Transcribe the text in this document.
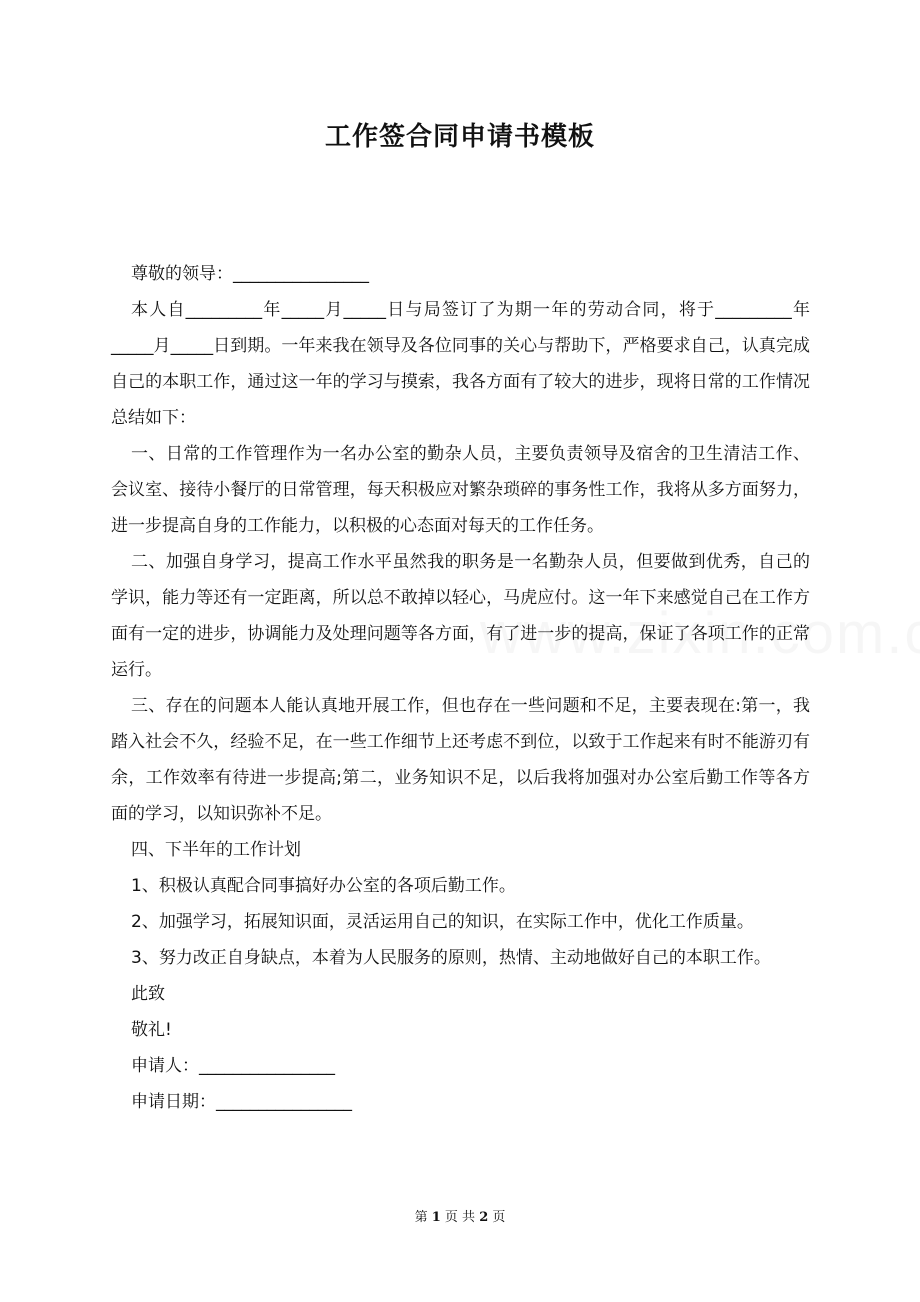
工作签合同申请书模板

尊敬的领导：________________

本人自_________年_____月_____日与局签订了为期一年的劳动合同，将于_________年_____月_____日到期。一年来我在领导及各位同事的关心与帮助下，严格要求自己，认真完成自己的本职工作，通过这一年的学习与摸索，我各方面有了较大的进步，现将日常的工作情况总结如下：

一、日常的工作管理作为一名办公室的勤杂人员，主要负责领导及宿舍的卫生清洁工作、会议室、接待小餐厅的日常管理，每天积极应对繁杂琐碎的事务性工作，我将从多方面努力，进一步提高自身的工作能力，以积极的心态面对每天的工作任务。

二、加强自身学习，提高工作水平虽然我的职务是一名勤杂人员，但要做到优秀，自己的学识，能力等还有一定距离，所以总不敢掉以轻心，马虎应付。这一年下来感觉自己在工作方面有一定的进步，协调能力及处理问题等各方面，有了进一步的提高，保证了各项工作的正常运行。

三、存在的问题本人能认真地开展工作，但也存在一些问题和不足，主要表现在:第一，我踏入社会不久，经验不足，在一些工作细节上还考虑不到位，以致于工作起来有时不能游刃有余，工作效率有待进一步提高;第二，业务知识不足，以后我将加强对办公室后勤工作等各方面的学习，以知识弥补不足。

四、下半年的工作计划

1、积极认真配合同事搞好办公室的各项后勤工作。

2、加强学习，拓展知识面，灵活运用自己的知识，在实际工作中，优化工作质量。

3、努力改正自身缺点，本着为人民服务的原则，热情、主动地做好自己的本职工作。

此致

敬礼!

申请人：________________

申请日期：________________

第 1 页 共 2 页
